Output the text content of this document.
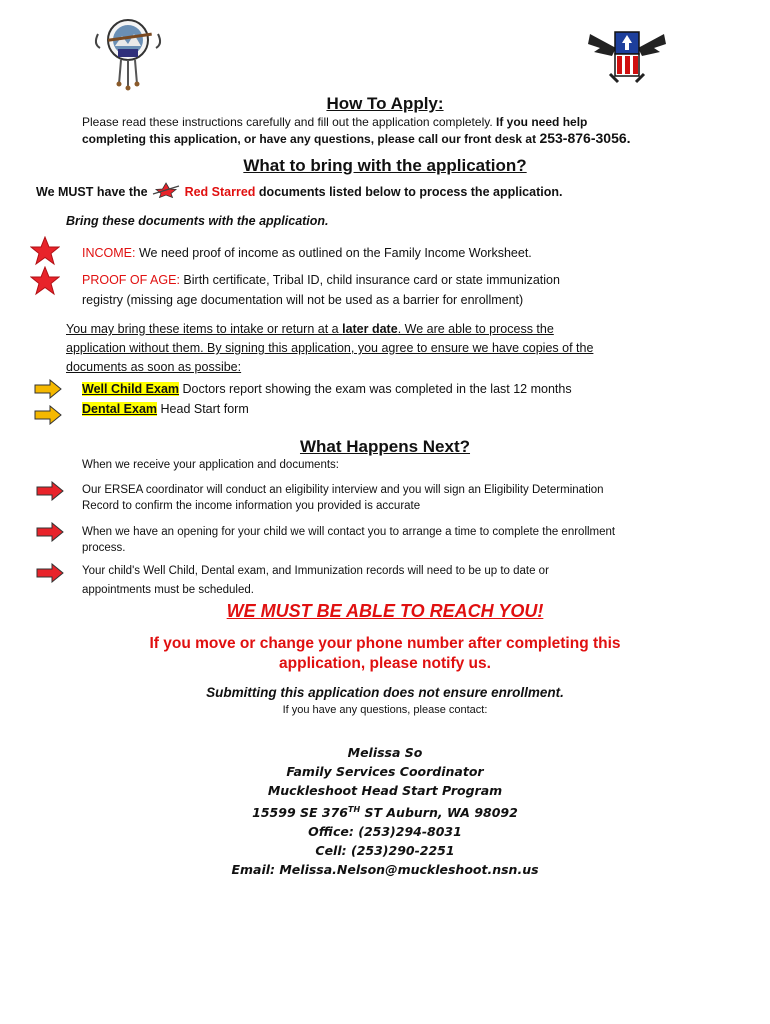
How To Apply:
Please read these instructions carefully and fill out the application completely. If you need help
completing this application, or have any questions, please call our front desk at 253-876-3056.
What to bring with the application?
We MUST have the	Red Starred documents listed below to process the application.
Bring these documents with the application.
INCOME: We need proof of income as outlined on the Family Income Worksheet.
PROOF OF AGE: Birth certificate, Tribal ID, child insurance card or state immunization
registry (missing age documentation will not be used as a barrier for enrollment)
You may bring these items to intake or return at a later date. We are able to process the
application without them. By signing this application, you agree to ensure we have copies of the
documents as soon as possibe:
Well Child Exam Doctors report showing the exam was completed in the last 12 months
Dental Exam Head Start form
What Happens Next?
When we receive your application and documents:
Our ERSEA coordinator will conduct an eligibility interview and you will sign an Eligibility Determination
Record to confirm the income information you provided is accurate
When we have an opening for your child we will contact you to arrange a time to complete the enrollment
process.
Your child's Well Child, Dental exam, and Immunization records will need to be up to date or
appointments must be scheduled.
WE MUST BE ABLE TO REACH YOU!
If you move or change your phone number after completing this
application, please notify us.
Submitting this application does not ensure enrollment.
If you have any questions, please contact:
Melissa So
Family Services Coordinator
Muckleshoot Head Start Program
15599 SE 376TH ST Auburn, WA 98092
Office: (253)294-8031
Cell: (253)290-2251
Email: Melissa.Nelson@muckleshoot.nsn.us
